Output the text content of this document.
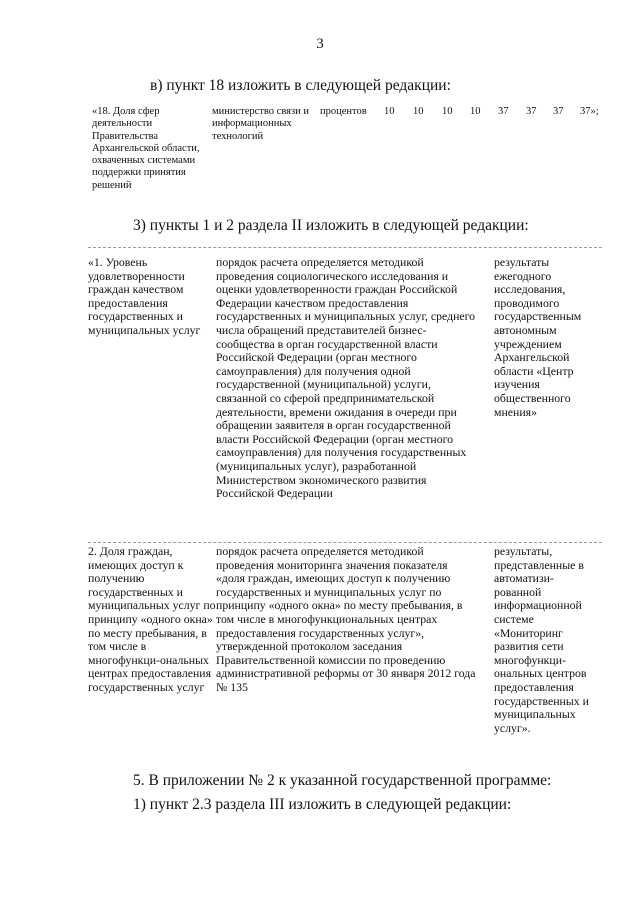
3
в) пункт 18 изложить в следующей редакции:
«18. Доля сфер деятельности Правительства Архангельской области, охваченных системами поддержки принятия решений
министерство связи и информационных технологий
процентов 10 10 10 10 37 37 37 37»;
3) пункты 1 и 2 раздела II изложить в следующей редакции:
«1. Уровень удовлетворенности граждан качеством предоставления государственных и муниципальных услуг
порядок расчета определяется методикой проведения социологического исследования и оценки удовлетворенности граждан Российской Федерации качеством предоставления государственных и муниципальных услуг, среднего числа обращений представителей бизнес-сообщества в орган государственной власти Российской Федерации (орган местного самоуправления) для получения одной государственной (муниципальной) услуги, связанной со сферой предпринимательской деятельности, времени ожидания в очереди при обращении заявителя в орган государственной власти Российской Федерации (орган местного самоуправления) для получения государственных (муниципальных услуг), разработанной Министерством экономического развития Российской Федерации
результаты ежегодного исследования, проводимого государственным автономным учреждением Архангельской области «Центр изучения общественного мнения»
2. Доля граждан, имеющих доступ к получению государственных и муниципальных услуг по принципу «одного окна» по месту пребывания, в том числе в многофункци-ональных центрах предоставления государственных услуг
порядок расчета определяется методикой проведения мониторинга значения показателя «доля граждан, имеющих доступ к получению государственных и муниципальных услуг по принципу «одного окна» по месту пребывания, в том числе в многофункциональных центрах предоставления государственных услуг», утвержденной протоколом заседания Правительственной комиссии по проведению административной реформы от 30 января 2012 года № 135
результаты, представленные в автоматизи-рованной информационной системе «Мониторинг развития сети многофункци-ональных центров предоставления государственных и муниципальных услуг».
5. В приложении № 2 к указанной государственной программе:
1) пункт 2.3 раздела III изложить в следующей редакции:
